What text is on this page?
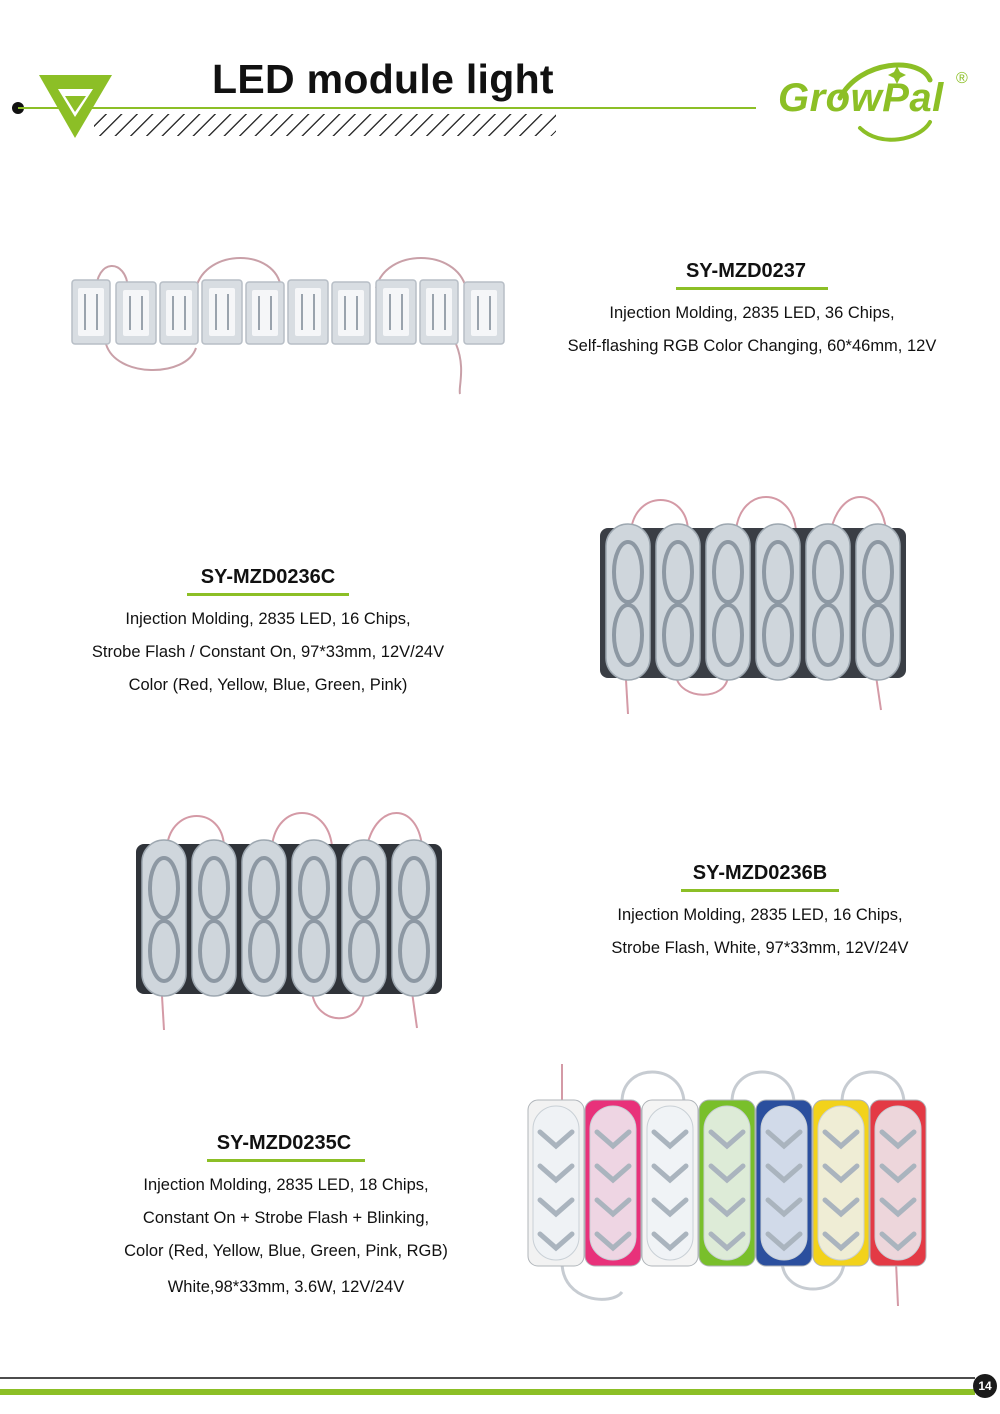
LED module light	GrowPal ®
SY-MZD0237
Injection Molding, 2835 LED, 36 Chips,
Self-flashing RGB Color Changing, 60*46mm, 12V
SY-MZD0236C
Injection Molding, 2835 LED, 16 Chips,
Strobe Flash / Constant On, 97*33mm, 12V/24V
Color (Red, Yellow, Blue, Green, Pink)
SY-MZD0236B
Injection Molding, 2835 LED, 16 Chips,
Strobe Flash, White, 97*33mm, 12V/24V
SY-MZD0235C
Injection Molding, 2835 LED, 18 Chips,
Constant On + Strobe Flash + Blinking,
Color (Red, Yellow, Blue, Green, Pink, RGB)
White,98*33mm, 3.6W, 12V/24V
14
